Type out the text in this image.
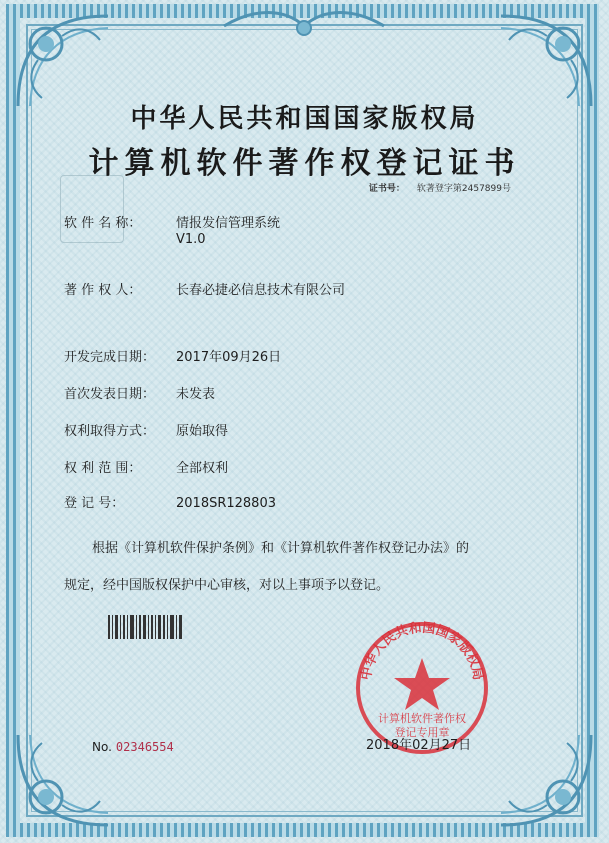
中华人民共和国国家版权局
计算机软件著作权登记证书
证书号： 软著登字第2457899号
软 件 名 称：	情报发信管理系统
V1.0
著 作 权 人：	长春必捷必信息技术有限公司
开发完成日期： 2017年09月26日
首次发表日期： 未发表
权利取得方式： 原始取得
权 利 范 围：	全部权利
登 记 号：	2018SR128803
根据《计算机软件保护条例》和《计算机软件著作权登记办法》的
规定，经中国版权保护中心审核，对以上事项予以登记。
中华人民共和国国家版权局
计算机软件著作权
登记专用章
2018年02月27日
No. 02346554
